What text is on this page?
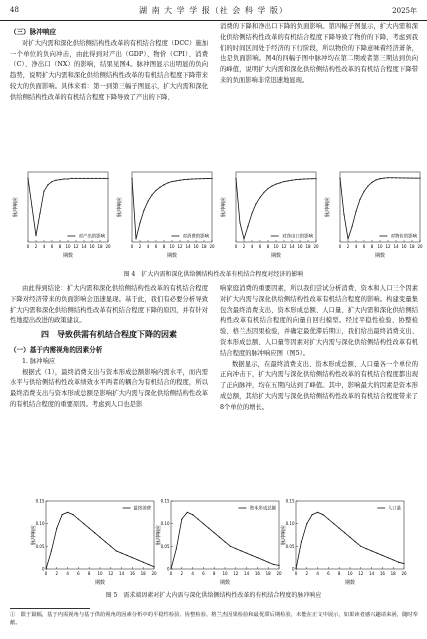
48	湖 南 大 学 学 报（社 会 科 学 版）	2025年
（三）脉冲响应

对扩大内需和深化供给侧结构性改革的有机结合程度（DCC）施加一个单位的负向冲击，由此得到对产出（GDP）、物价（CPI）、消费（C）、净出口（NX）的影响，结果见图4。脉冲图显示出明显的负向趋势，说明扩大内需和深化供给侧结构性改革的有机结合程度下降带来较大的负面影响。具体来看：第一到第三幅子图显示，扩大内需和深化供给侧结构性改革的有机结合程度下降导致了产出的下降、

消费的下降和净出口下降的负面影响。第四幅子图显示，扩大内需和深化供给侧结构性改革的有机结合程度下降导致了物价的下降，考虑到我们的时间区间处于经济的下行阶段，所以物价的下降意味着经济萧条，也是负面影响。图4的四幅子图中脉冲均在第二期或者第三期达到负向的峰值，说明扩大内需和深化供给侧结构性改革的有机结合程度下降带来的负面影响非常迅速地显现。

0 2 4 6 8 10 12 14 16 18 20
期数
脉冲响应
对产出的影响
0 2 4 6 8 10 12 14 16 18 20
期数
脉冲响应
对消费的影响
0 2 4 6 8 10 12 14 16 18 20
期数
脉冲响应
对净出口的影响
0 2 4 6 8 10 12 14 16 18 20
期数
脉冲响应
对物价的影响
图 4　扩大内需和深化供给侧结构性改革有机结合程度对经济的影响

由此得到结论：扩大内需和深化供给侧结构性改革的有机结合程度下降对经济带来的负面影响会迅速显现。基于此，我们有必要分析导致扩大内需和深化供给侧结构性改革有机结合程度下降的原因，并有针对性地提出改进的政策建议。

四　导致供需有机结合程度下降的因素
（一）基于内需视角的因素分析

1. 脉冲响应

根据式（1），最终消费支出与资本形成总额影响内需水平，而内需水平与供给侧结构性改革绩效水平两者的耦合为有机结合的程度，所以最终消费支出与资本形成总额是影响扩大内需与深化供给侧结构性改革的有机结合程度的重要原因。考虑到人口也是影

响家庭消费的重要因素，所以我们尝试分析消费、资本和人口三个因素对扩大内需与深化供给侧结构性改革有机结合程度的影响。构建变量集包含最终消费支出、资本形成总额、人口量、扩大内需和深化供给侧结构性改革有机结合程度的向量自回归模型。经过平稳性检验、协整检验、格兰杰因果检验，并确定最优滞后期①，我们给出最终消费支出、资本形成总额、人口量等因素对扩大内需与深化供给侧结构性改革有机结合程度的脉冲响应图（图5）。

数据显示，在最终消费支出、资本形成总额、人口量各一个单位的正向冲击下，扩大内需与深化供给侧结构性改革的有机结合程度都出现了正向脉冲，均在五期内达到了峰值。其中，影响最大的因素是资本形成总额，其给扩大内需与深化供给侧结构性改革的有机结合程度带来了8个单位的增长。

0 2 4 6 8 10 12 14 16 18 20
0
0.05
0.10
0.15
期数
脉冲响应
最终消费
0 2 4 6 8 10 12 14 16 18 20
0
0.05
0.10
0.15
期数
脉冲响应
资本形成总额
0 2 4 6 8 10 12 14 16 18 20
0
0.05
0.10
0.15
期数
脉冲响应
人口量
图 5　需求端因素对扩大内需与深化供给侧结构性改革的有机结合程度的脉冲响应
①　限于篇幅，基于内需视角与基于供给视角的因素分析中的平稳性检验、协整检验、格兰杰因果检验和最优滞后期检验，未能在正文中展示，如果读者感兴趣请来函，随时奉献。
